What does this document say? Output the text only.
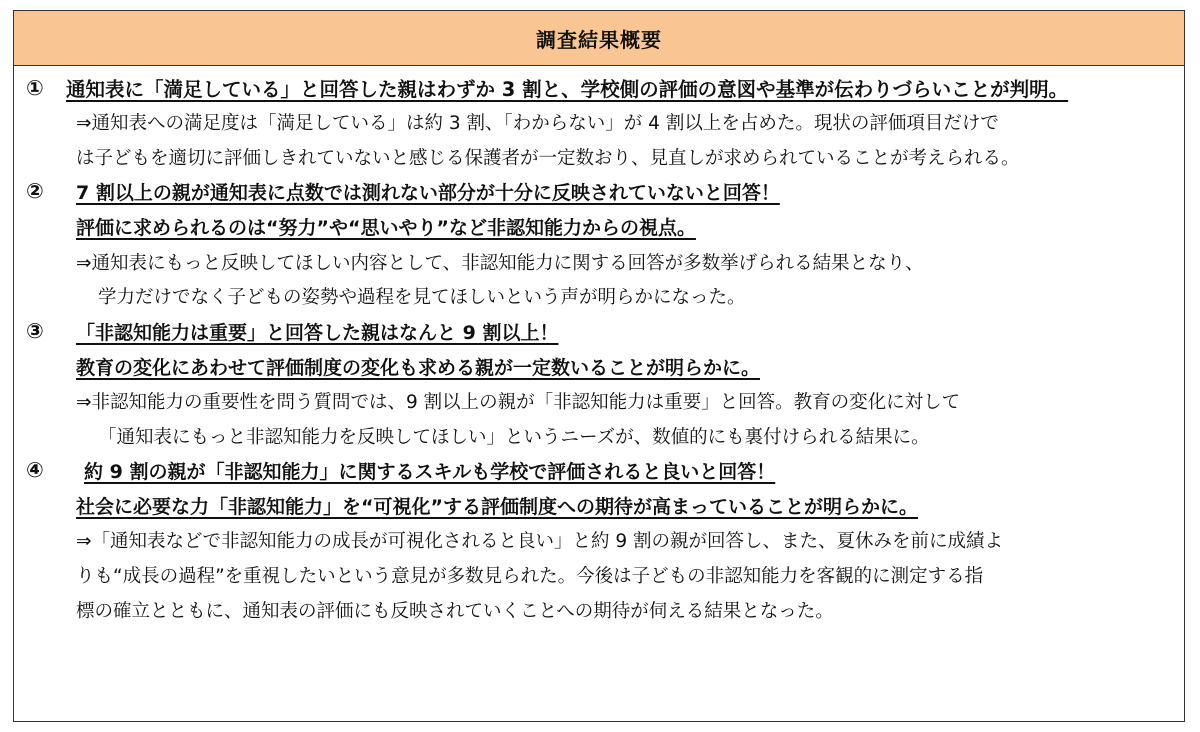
調査結果概要
① 通知表に「満足している」と回答した親はわずか 3 割と、学校側の評価の意図や基準が伝わりづらいことが判明。
⇒通知表への満足度は「満足している」は約 3 割、「わからない」が 4 割以上を占めた。現状の評価項目だけで
は子どもを適切に評価しきれていないと感じる保護者が一定数おり、見直しが求められていることが考えられる。
② 7 割以上の親が通知表に点数では測れない部分が十分に反映されていないと回答！
評価に求められるのは“努力”や“思いやり”など非認知能力からの視点。
⇒通知表にもっと反映してほしい内容として、非認知能力に関する回答が多数挙げられる結果となり、
学力だけでなく子どもの姿勢や過程を見てほしいという声が明らかになった。
③ 「非認知能力は重要」と回答した親はなんと 9 割以上！
教育の変化にあわせて評価制度の変化も求める親が一定数いることが明らかに。
⇒非認知能力の重要性を問う質問では、9 割以上の親が「非認知能力は重要」と回答。教育の変化に対して
「通知表にもっと非認知能力を反映してほしい」というニーズが、数値的にも裏付けられる結果に。
④ 約 9 割の親が「非認知能力」に関するスキルも学校で評価されると良いと回答！
社会に必要な力「非認知能力」を“可視化”する評価制度への期待が高まっていることが明らかに。
⇒「通知表などで非認知能力の成長が可視化されると良い」と約 9 割の親が回答し、また、夏休みを前に成績よ
りも“成長の過程”を重視したいという意見が多数見られた。今後は子どもの非認知能力を客観的に測定する指
標の確立とともに、通知表の評価にも反映されていくことへの期待が伺える結果となった。
